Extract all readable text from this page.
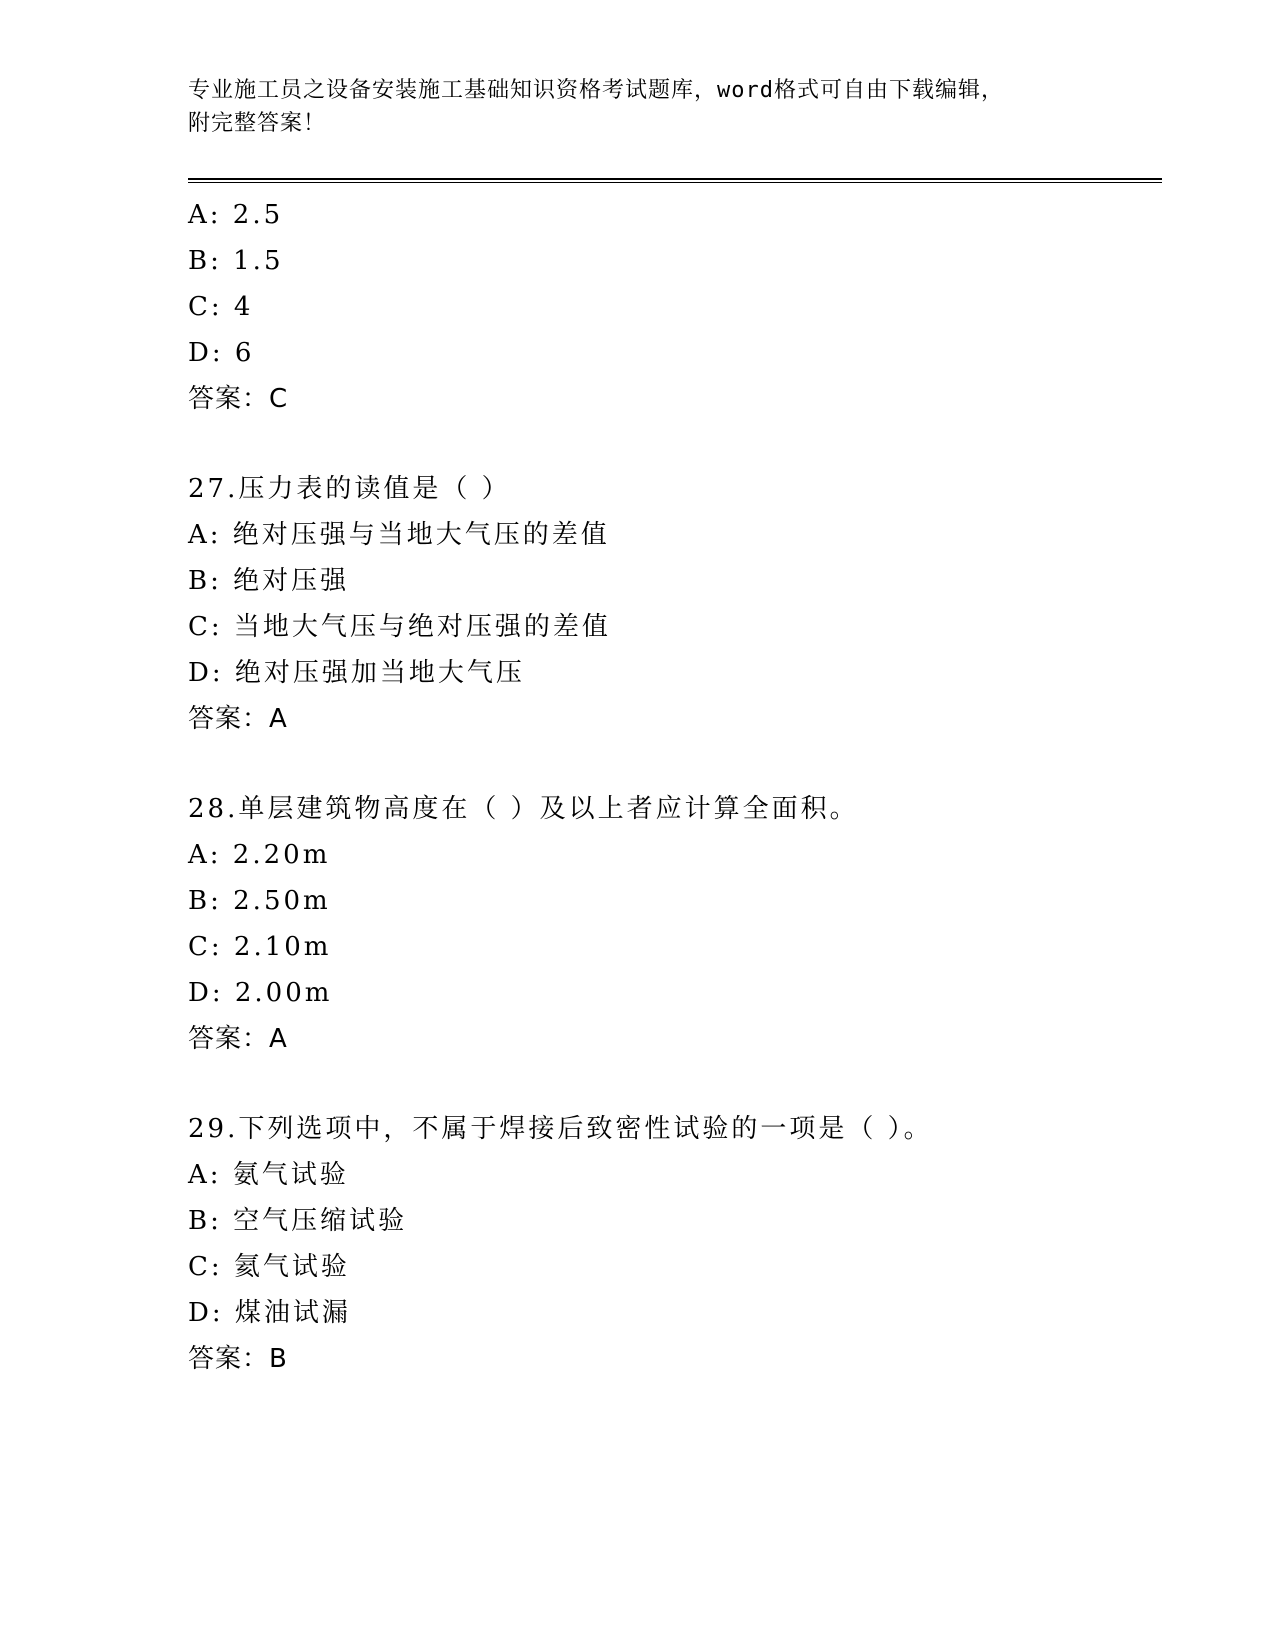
专业施工员之设备安装施工基础知识资格考试题库，word格式可自由下载编辑，
附完整答案！
A: 2.5
B: 1.5
C: 4
D: 6
答案：C
27.压力表的读值是（ ）
A: 绝对压强与当地大气压的差值
B: 绝对压强
C: 当地大气压与绝对压强的差值
D: 绝对压强加当地大气压
答案：A
28.单层建筑物高度在（ ）及以上者应计算全面积。
A: 2.20m
B: 2.50m
C: 2.10m
D: 2.00m
答案：A
29.下列选项中，不属于焊接后致密性试验的一项是（ ）。
A: 氨气试验
B: 空气压缩试验
C: 氦气试验
D: 煤油试漏
答案：B
